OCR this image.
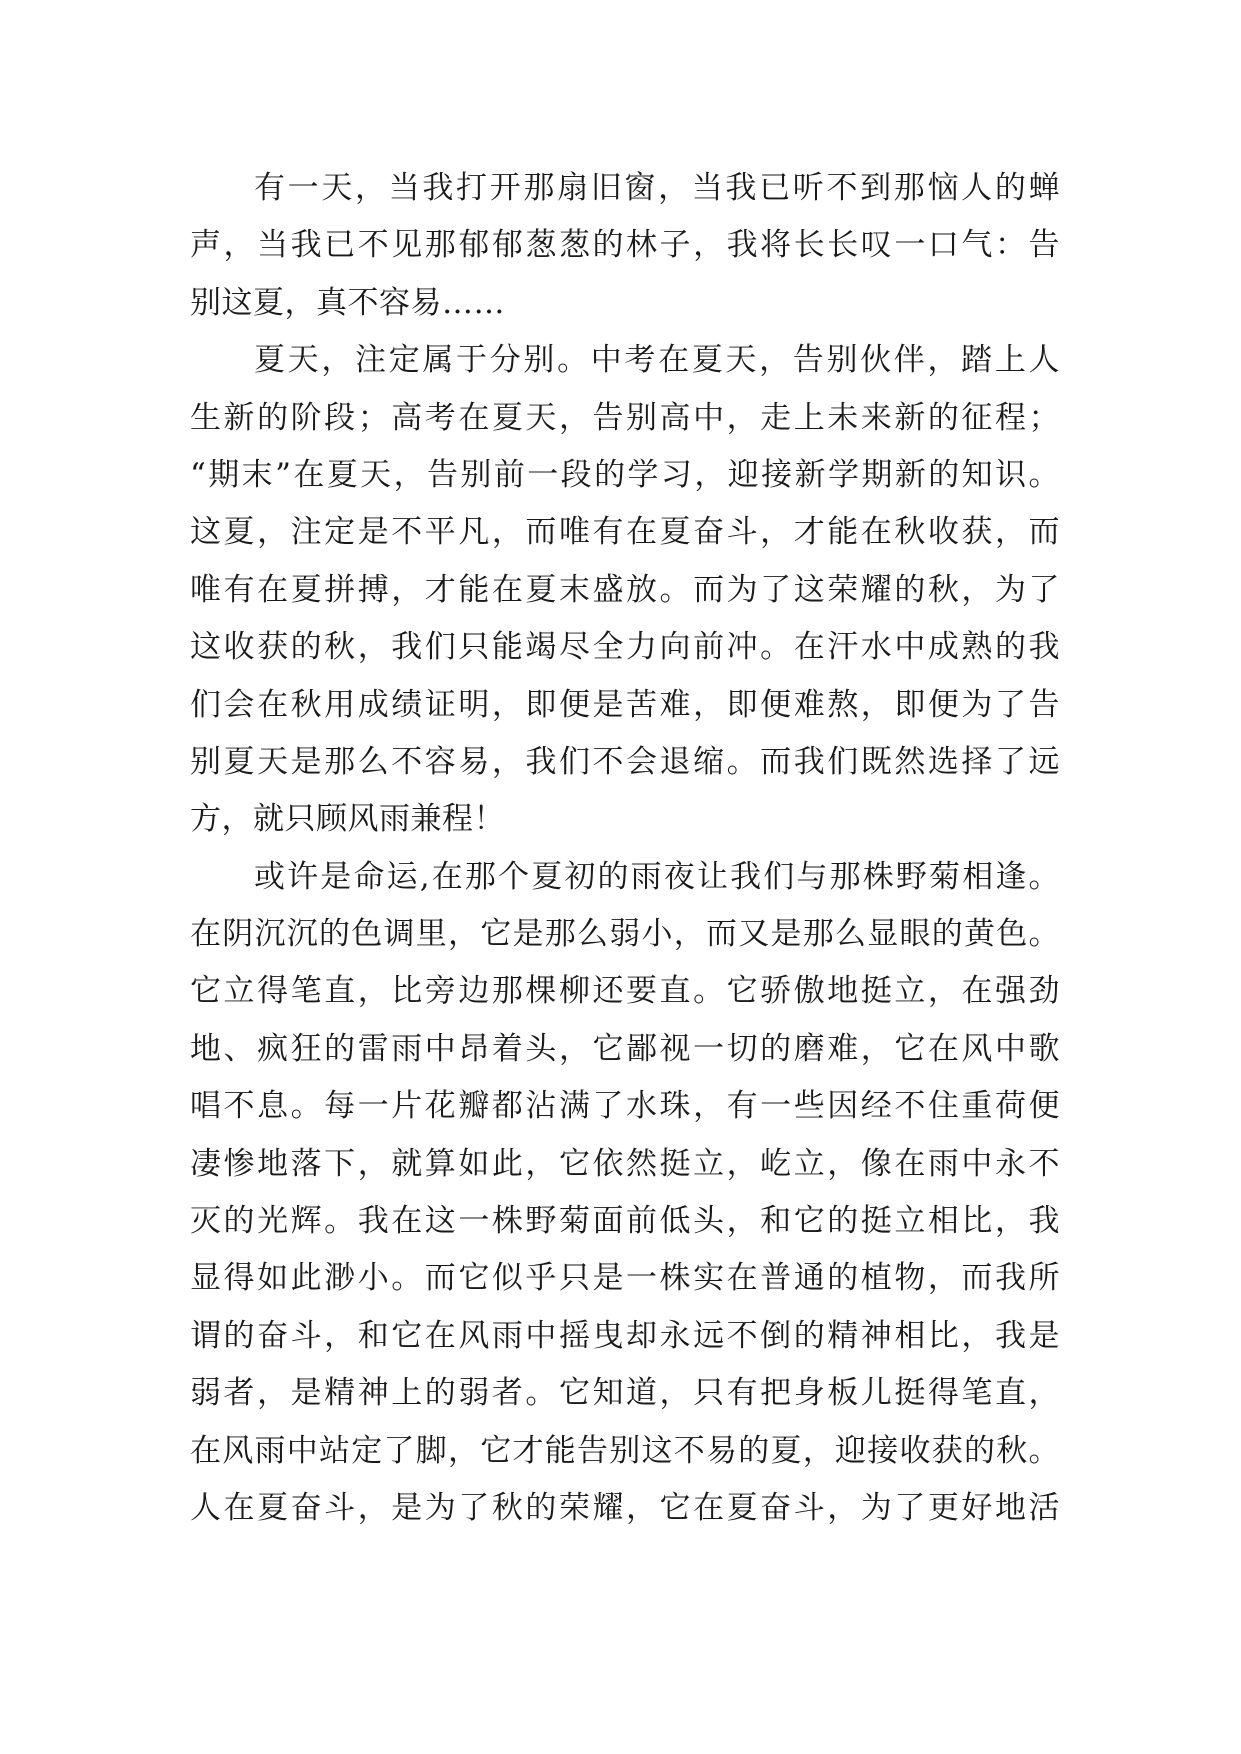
有一天，当我打开那扇旧窗，当我已听不到那恼人的蝉
声，当我已不见那郁郁葱葱的林子，我将长长叹一口气：告
别这夏，真不容易……
夏天，注定属于分别。中考在夏天，告别伙伴，踏上人
生新的阶段；高考在夏天，告别高中，走上未来新的征程；
“期末”在夏天，告别前一段的学习，迎接新学期新的知识。
这夏，注定是不平凡，而唯有在夏奋斗，才能在秋收获，而
唯有在夏拼搏，才能在夏末盛放。而为了这荣耀的秋，为了
这收获的秋，我们只能竭尽全力向前冲。在汗水中成熟的我
们会在秋用成绩证明，即便是苦难，即便难熬，即便为了告
别夏天是那么不容易，我们不会退缩。而我们既然选择了远
方，就只顾风雨兼程！
或许是命运,在那个夏初的雨夜让我们与那株野菊相逢。
在阴沉沉的色调里，它是那么弱小，而又是那么显眼的黄色。
它立得笔直，比旁边那棵柳还要直。它骄傲地挺立，在强劲
地、疯狂的雷雨中昂着头，它鄙视一切的磨难，它在风中歌
唱不息。每一片花瓣都沾满了水珠，有一些因经不住重荷便
凄惨地落下，就算如此，它依然挺立，屹立，像在雨中永不
灭的光辉。我在这一株野菊面前低头，和它的挺立相比，我
显得如此渺小。而它似乎只是一株实在普通的植物，而我所
谓的奋斗，和它在风雨中摇曳却永远不倒的精神相比，我是
弱者，是精神上的弱者。它知道，只有把身板儿挺得笔直，
在风雨中站定了脚，它才能告别这不易的夏，迎接收获的秋。
人在夏奋斗，是为了秋的荣耀，它在夏奋斗，为了更好地活
